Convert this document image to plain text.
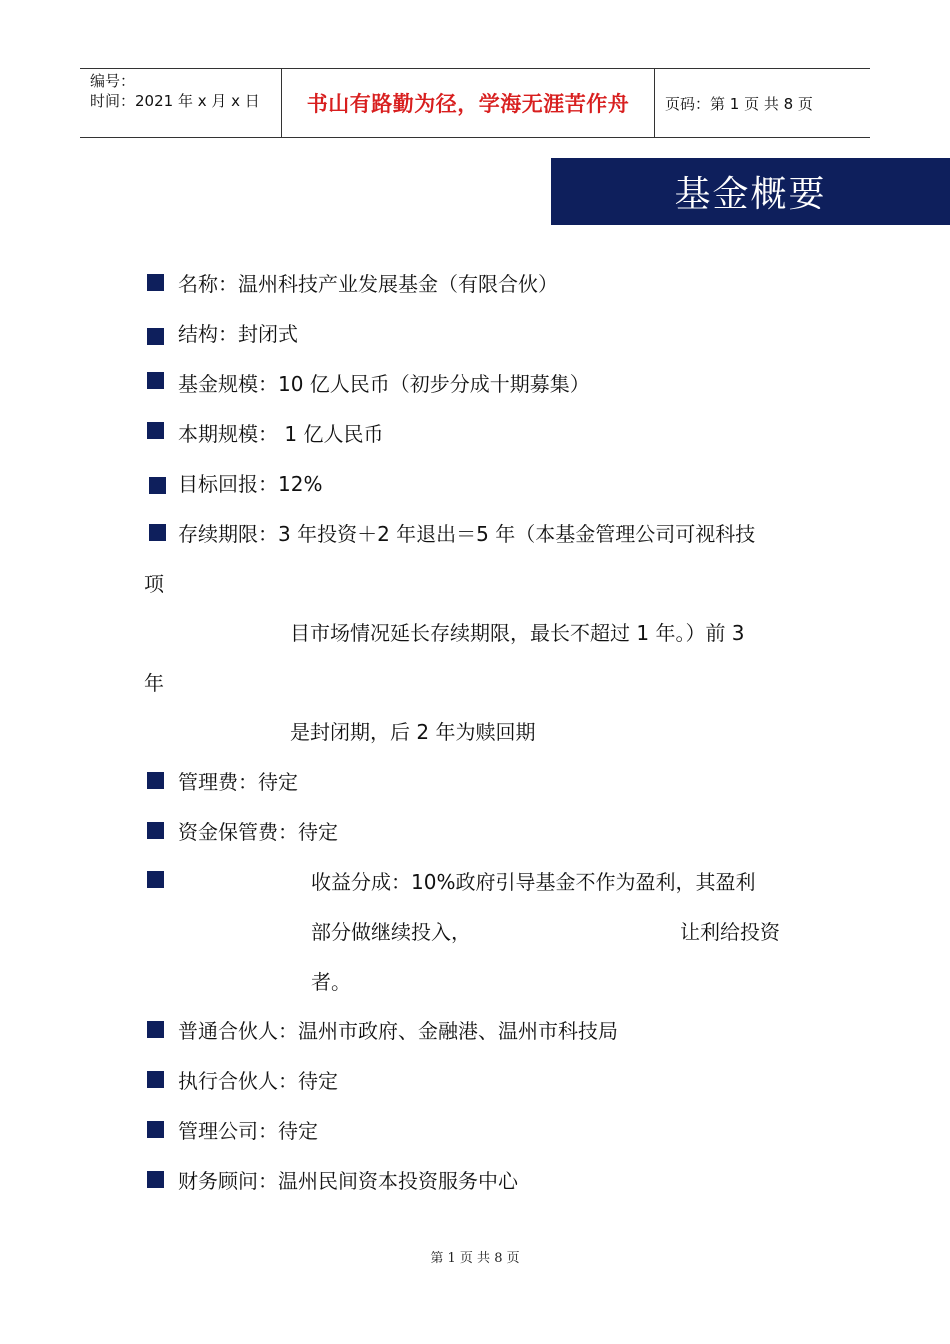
编号：
时间：2021 年 x 月 x 日	书山有路勤为径，学海无涯苦作舟 页码：第 1 页 共 8 页
基金概要
名称：温州科技产业发展基金（有限合伙）
结构：封闭式
基金规模：10 亿人民币（初步分成十期募集）
本期规模： 1 亿人民币
目标回报：12%
存续期限：3 年投资＋2 年退出＝5 年（本基金管理公司可视科技
项
目市场情况延长存续期限，最长不超过 1 年。）前 3
年
是封闭期，后 2 年为赎回期
管理费：待定
资金保管费：待定
收益分成：10%政府引导基金不作为盈利，其盈利
部分做继续投入，	让利给投资
者。
普通合伙人：温州市政府、金融港、温州市科技局
执行合伙人：待定
管理公司：待定
财务顾问：温州民间资本投资服务中心
第 1 页 共 8 页
